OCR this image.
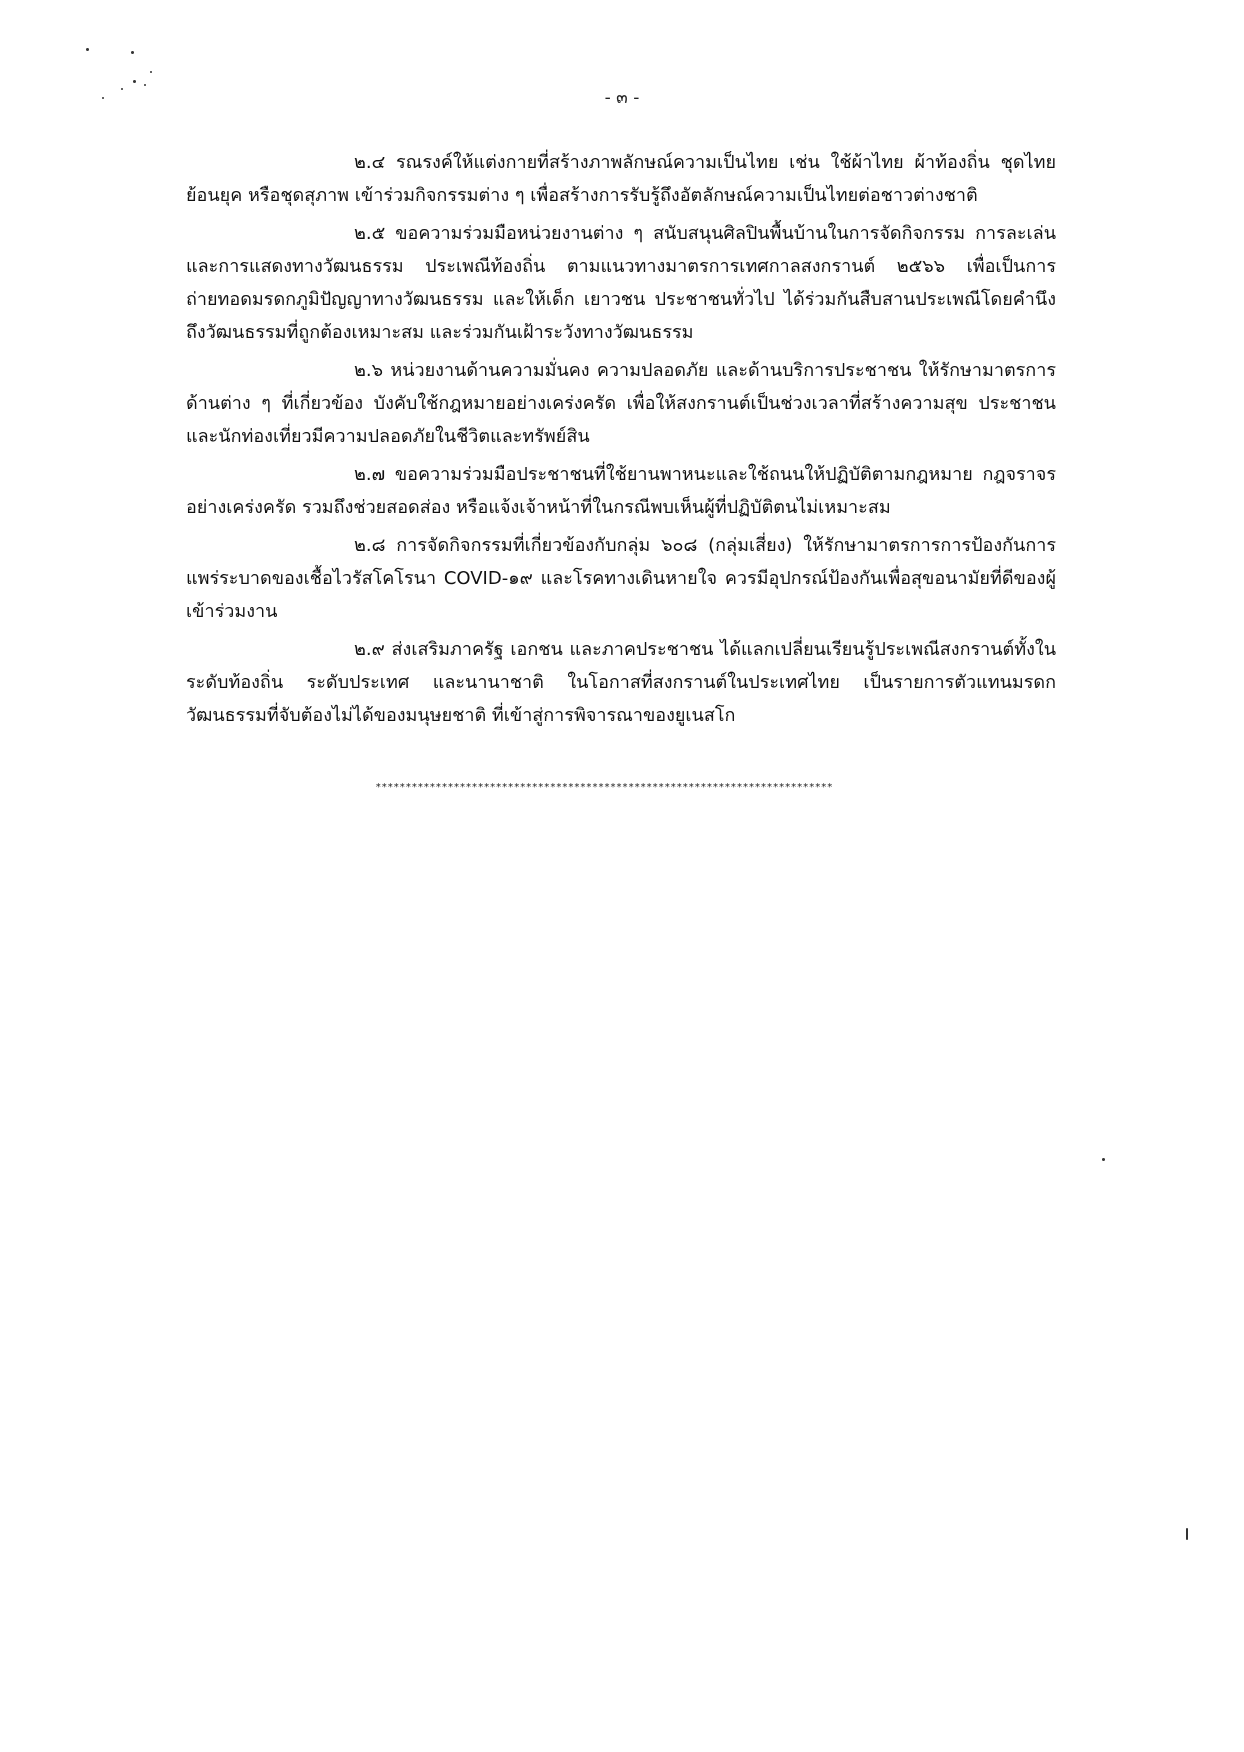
- ๓ -

๒.๔ รณรงค์ให้แต่งกายที่สร้างภาพลักษณ์ความเป็นไทย เช่น ใช้ผ้าไทย ผ้าท้องถิ่น ชุดไทยย้อนยุค หรือชุดสุภาพ เข้าร่วมกิจกรรมต่าง ๆ เพื่อสร้างการรับรู้ถึงอัตลักษณ์ความเป็นไทยต่อชาวต่างชาติ

๒.๕ ขอความร่วมมือหน่วยงานต่าง ๆ สนับสนุนศิลปินพื้นบ้านในการจัดกิจกรรม การละเล่นและการแสดงทางวัฒนธรรม ประเพณีท้องถิ่น ตามแนวทางมาตรการเทศกาลสงกรานต์ ๒๕๖๖ เพื่อเป็นการถ่ายทอดมรดกภูมิปัญญาทางวัฒนธรรม และให้เด็ก เยาวชน ประชาชนทั่วไป ได้ร่วมกันสืบสานประเพณีโดยคำนึงถึงวัฒนธรรมที่ถูกต้องเหมาะสม และร่วมกันเฝ้าระวังทางวัฒนธรรม

๒.๖ หน่วยงานด้านความมั่นคง ความปลอดภัย และด้านบริการประชาชน ให้รักษามาตรการด้านต่าง ๆ ที่เกี่ยวข้อง บังคับใช้กฎหมายอย่างเคร่งครัด เพื่อให้สงกรานต์เป็นช่วงเวลาที่สร้างความสุข ประชาชนและนักท่องเที่ยวมีความปลอดภัยในชีวิตและทรัพย์สิน

๒.๗ ขอความร่วมมือประชาชนที่ใช้ยานพาหนะและใช้ถนนให้ปฏิบัติตามกฎหมาย กฎจราจรอย่างเคร่งครัด รวมถึงช่วยสอดส่อง หรือแจ้งเจ้าหน้าที่ในกรณีพบเห็นผู้ที่ปฏิบัติตนไม่เหมาะสม

๒.๘ การจัดกิจกรรมที่เกี่ยวข้องกับกลุ่ม ๖๐๘ (กลุ่มเสี่ยง) ให้รักษามาตรการการป้องกันการแพร่ระบาดของเชื้อไวรัสโคโรนา COVID-๑๙ และโรคทางเดินหายใจ ควรมีอุปกรณ์ป้องกันเพื่อสุขอนามัยที่ดีของผู้เข้าร่วมงาน

๒.๙ ส่งเสริมภาครัฐ เอกชน และภาคประชาชน ได้แลกเปลี่ยนเรียนรู้ประเพณีสงกรานต์ทั้งในระดับท้องถิ่น ระดับประเทศ และนานาชาติ ในโอกาสที่สงกรานต์ในประเทศไทย เป็นรายการตัวแทนมรดกวัฒนธรรมที่จับต้องไม่ได้ของมนุษยชาติ ที่เข้าสู่การพิจารณาของยูเนสโก

****************************************************************************
